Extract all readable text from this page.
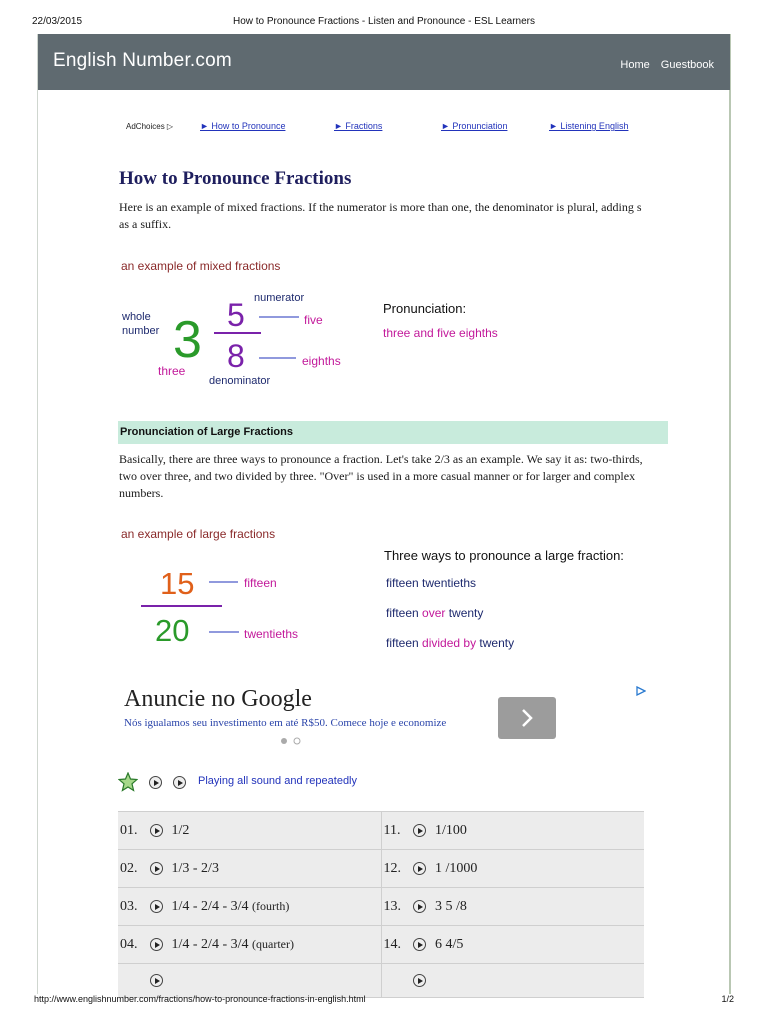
22/03/2015	How to Pronounce Fractions - Listen and Pronounce - ESL Learners
English Number.com	Home Guestbook
AdChoices ▷	► How to Pronounce	► Fractions	► Pronunciation	► Listening English
How to Pronounce Fractions

Here is an example of mixed fractions. If the numerator is more than one, the denominator is plural, adding s as a suffix.

an example of mixed fractions
whole
number 3 5
8
numerator
five
eighths
three
denominator
Pronunciation:
three and five eighths
Pronunciation of Large Fractions

Basically, there are three ways to pronounce a fraction. Let's take 2/3 as an example. We say it as: two-thirds, two over three, and two divided by three. "Over" is used in a more casual manner or for larger and complex numbers.

an example of large fractions
15
20
fifteen
twentieths
Three ways to pronounce a large fraction:
fifteen twentieths
fifteen over twenty
fifteen divided by twenty
Anuncie no Google
Nós igualamos seu investimento em até R$50. Comece hoje e economize
Playing all sound and repeatedly
01. 1/2	11. 1/100
02. 1/3 - 2/3	12. 1 /1000
03. 1/4 - 2/4 - 3/4 (fourth)	13. 3 5 /8
04. 1/4 - 2/4 - 3/4 (quarter)	14. 6 4/5

http://www.englishnumber.com/fractions/how-to-pronounce-fractions-in-english.html	1/2
